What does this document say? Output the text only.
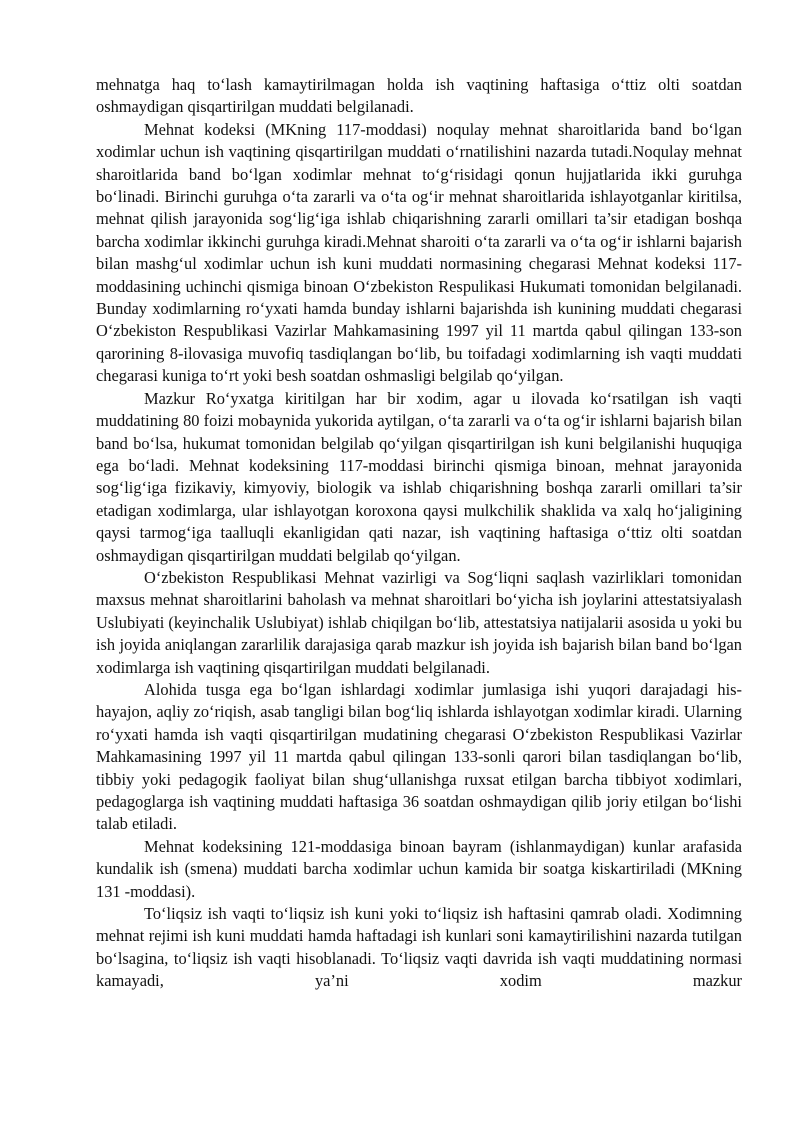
mehnatga haq to‘lash kamaytirilmagan holda ish vaqtining haftasiga o‘ttiz olti soatdan oshmaydigan qisqartirilgan muddati belgilanadi.

Mehnat kodeksi (MKning 117-moddasi) noqulay mehnat sharoitlarida band bo‘lgan xodimlar uchun ish vaqtining qisqartirilgan muddati o‘rnatilishini nazarda tutadi.Noqulay mehnat sharoitlarida band bo‘lgan xodimlar mehnat to‘g‘risidagi qonun hujjatlarida ikki guruhga bo‘linadi. Birinchi guruhga o‘ta zararli va o‘ta og‘ir mehnat sharoitlarida ishlayotganlar kiritilsa, mehnat qilish jarayonida sog‘lig‘iga ishlab chiqarishning zararli omillari ta’sir etadigan boshqa barcha xodimlar ikkinchi guruhga kiradi.Mehnat sharoiti o‘ta zararli va o‘ta og‘ir ishlarni bajarish bilan mashg‘ul xodimlar uchun ish kuni muddati normasining chegarasi Mehnat kodeksi 117-moddasining uchinchi qismiga binoan O‘zbekiston Respulikasi Hukumati tomonidan belgilanadi. Bunday xodimlarning ro‘yxati hamda bunday ishlarni bajarishda ish kunining muddati chegarasi O‘zbekiston Respublikasi Vazirlar Mahkamasining 1997 yil 11 martda qabul qilingan 133-son qarorining 8-ilovasiga muvofiq tasdiqlangan bo‘lib, bu toifadagi xodimlarning ish vaqti muddati chegarasi kuniga to‘rt yoki besh soatdan oshmasligi belgilab qo‘yilgan.

Mazkur Ro‘yxatga kiritilgan har bir xodim, agar u ilovada ko‘rsatilgan ish vaqti muddatining 80 foizi mobaynida yukorida aytilgan, o‘ta zararli va o‘ta og‘ir ishlarni bajarish bilan band bo‘lsa, hukumat tomonidan belgilab qo‘yilgan qisqartirilgan ish kuni belgilanishi huquqiga ega bo‘ladi. Mehnat kodeksining 117-moddasi birinchi qismiga binoan, mehnat jarayonida sog‘lig‘iga fizikaviy, kimyoviy, biologik va ishlab chiqarishning boshqa zararli omillari ta’sir etadigan xodimlarga, ular ishlayotgan koroxona qaysi mulkchilik shaklida va xalq ho‘jaligining qaysi tarmog‘iga taalluqli ekanligidan qati nazar, ish vaqtining haftasiga o‘ttiz olti soatdan oshmaydigan qisqartirilgan muddati belgilab qo‘yilgan.

O‘zbekiston Respublikasi Mehnat vazirligi va Sog‘liqni saqlash vazirliklari tomonidan maxsus mehnat sharoitlarini baholash va mehnat sharoitlari bo‘yicha ish joylarini attestatsiyalash Uslubiyati (keyinchalik Uslubiyat) ishlab chiqilgan bo‘lib, attestatsiya natijalarii asosida u yoki bu ish joyida aniqlangan zararlilik darajasiga qarab mazkur ish joyida ish bajarish bilan band bo‘lgan xodimlarga ish vaqtining qisqartirilgan muddati belgilanadi.

Alohida tusga ega bo‘lgan ishlardagi xodimlar jumlasiga ishi yuqori darajadagi his-hayajon, aqliy zo‘riqish, asab tangligi bilan bog‘liq ishlarda ishlayotgan xodimlar kiradi. Ularning ro‘yxati hamda ish vaqti qisqartirilgan mudatining chegarasi O‘zbekiston Respublikasi Vazirlar Mahkamasining 1997 yil 11 martda qabul qilingan 133-sonli qarori bilan tasdiqlangan bo‘lib, tibbiy yoki pedagogik faoliyat bilan shug‘ullanishga ruxsat etilgan barcha tibbiyot xodimlari, pedagoglarga ish vaqtining muddati haftasiga 36 soatdan oshmaydigan qilib joriy etilgan bo‘lishi talab etiladi.

Mehnat kodeksining 121-moddasiga binoan bayram (ishlanmaydigan) kunlar arafasida kundalik ish (smena) muddati barcha xodimlar uchun kamida bir soatga kiskartiriladi (MKning 131 -moddasi).

To‘liqsiz ish vaqti to‘liqsiz ish kuni yoki to‘liqsiz ish haftasini qamrab oladi. Xodimning mehnat rejimi ish kuni muddati hamda haftadagi ish kunlari soni kamaytirilishini nazarda tutilgan bo‘lsagina, to‘liqsiz ish vaqti hisoblanadi. To‘liqsiz vaqti davrida ish vaqti muddatining normasi kamayadi, ya’ni xodim mazkur
